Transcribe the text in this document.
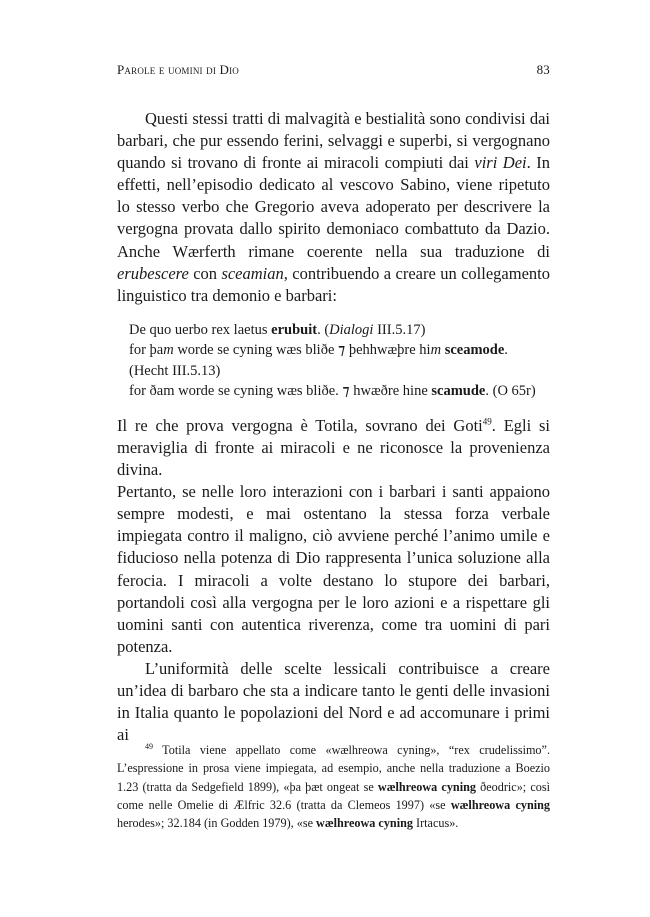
Parole e uomini di Dio	83

Questi stessi tratti di malvagità e bestialità sono condivisi dai barbari, che pur essendo ferini, selvaggi e superbi, si vergognano quando si trovano di fronte ai miracoli compiuti dai viri Dei. In effetti, nell’episodio dedicato al vescovo Sabino, viene ripetuto lo stesso verbo che Gregorio aveva adoperato per descrivere la vergogna provata dallo spirito demoniaco combattuto da Dazio. Anche Wærferth rimane coerente nella sua traduzione di erubescere con sceamian, contribuendo a creare un collegamento linguistico tra demonio e barbari:

De quo uerbo rex laetus erubuit. (Dialogi III.5.17)

for þam worde se cyning wæs bliðe ⁊ þehhwæþre him sceamode. (Hecht III.5.13)

for ðam worde se cyning wæs bliðe. ⁊ hwæðre hine scamude. (O 65r)

Il re che prova vergogna è Totila, sovrano dei Goti$^{49}$. Egli si meraviglia di fronte ai miracoli e ne riconosce la provenienza divina.

Pertanto, se nelle loro interazioni con i barbari i santi appaiono sempre modesti, e mai ostentano la stessa forza verbale impiegata contro il maligno, ciò avviene perché l’animo umile e fiducioso nella potenza di Dio rappresenta l’unica soluzione alla ferocia. I miracoli a volte destano lo stupore dei barbari, portandoli così alla vergogna per le loro azioni e a rispettare gli uomini santi con autentica riverenza, come tra uomini di pari potenza.

L’uniformità delle scelte lessicali contribuisce a creare un’idea di barbaro che sta a indicare tanto le genti delle invasioni in Italia quanto le popolazioni del Nord e ad accomunare i primi ai

$^{49}$ Totila viene appellato come «wælhreowa cyning», “rex crudelissimo”. L’espressione in prosa viene impiegata, ad esempio, anche nella traduzione a Boezio 1.23 (tratta da Sedgefield 1899), «þa þæt ongeat se wælhreowa cyning ðeodric»; così come nelle Omelie di Ælfric 32.6 (tratta da Clemeos 1997) «se wælhreowa cyning herodes»; 32.184 (in Godden 1979), «se wælhreowa cyning Irtacus».
